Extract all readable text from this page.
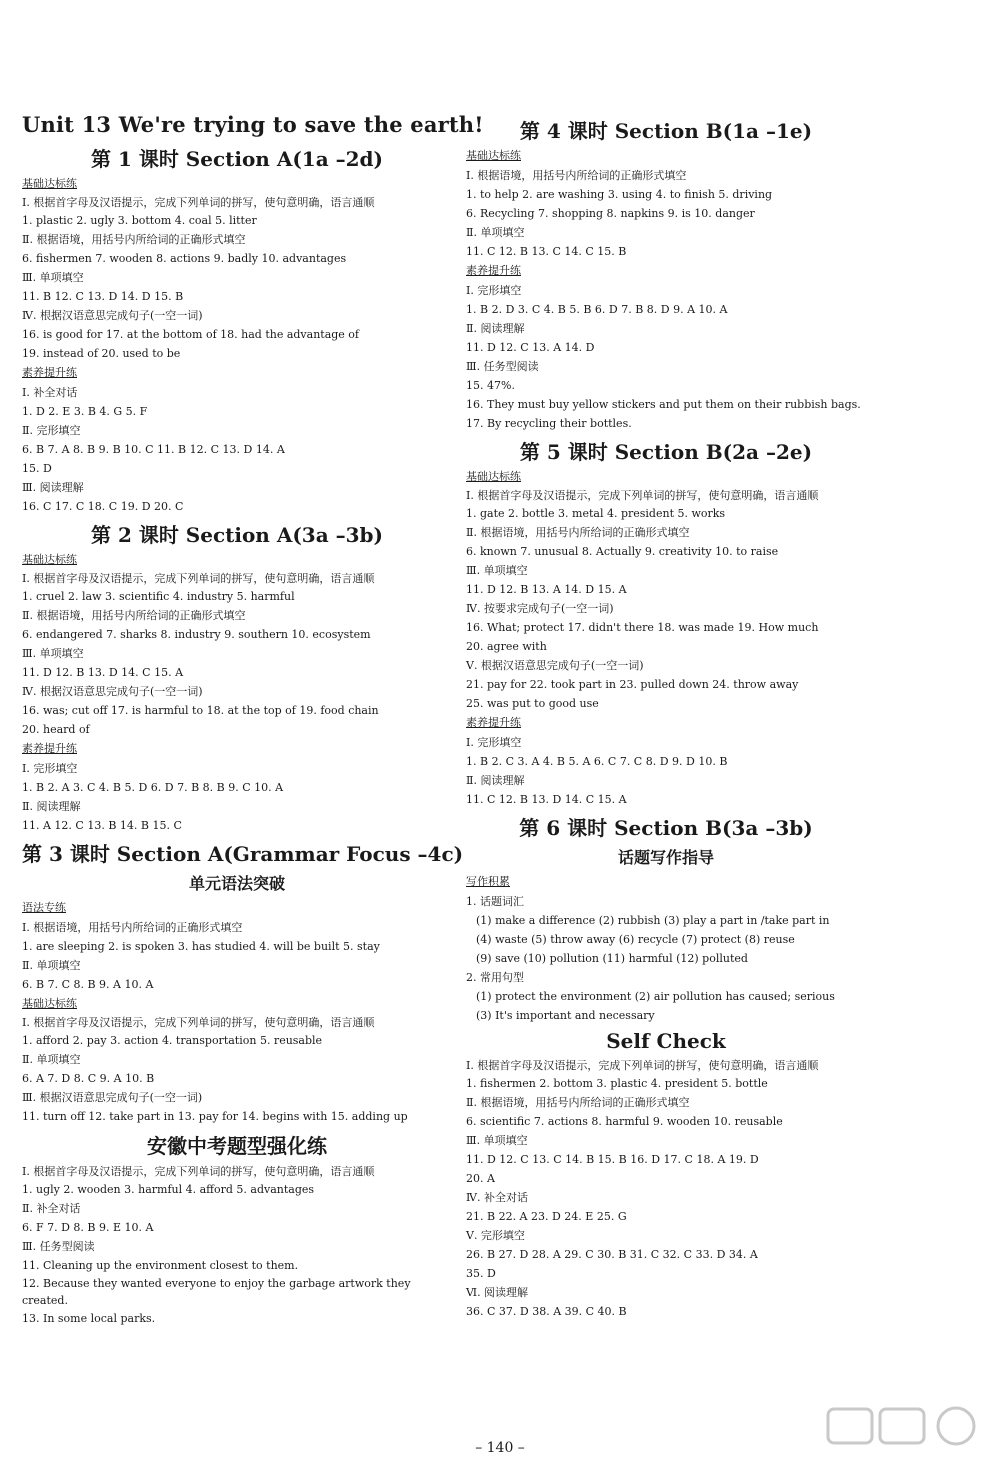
Unit 13 We're trying to save the earth!
第 1 课时 Section A(1a –2d)
基础达标练
Ⅰ. 根据首字母及汉语提示，完成下列单词的拼写，使句意明确，语言通顺
1. plastic 2. ugly 3. bottom 4. coal 5. litter
Ⅱ. 根据语境，用括号内所给词的正确形式填空
6. fishermen 7. wooden 8. actions 9. badly 10. advantages
Ⅲ. 单项填空
11. B 12. C 13. D 14. D 15. B
Ⅳ. 根据汉语意思完成句子(一空一词)
16. is good for 17. at the bottom of 18. had the advantage of
19. instead of 20. used to be
素养提升练
Ⅰ. 补全对话
1. D 2. E 3. B 4. G 5. F
Ⅱ. 完形填空
6. B 7. A 8. B 9. B 10. C 11. B 12. C 13. D 14. A
15. D
Ⅲ. 阅读理解
16. C 17. C 18. C 19. D 20. C
第 2 课时 Section A(3a –3b)
基础达标练
Ⅰ. 根据首字母及汉语提示，完成下列单词的拼写，使句意明确，语言通顺
1. cruel 2. law 3. scientific 4. industry 5. harmful
Ⅱ. 根据语境，用括号内所给词的正确形式填空
6. endangered 7. sharks 8. industry 9. southern 10. ecosystem
Ⅲ. 单项填空
11. D 12. B 13. D 14. C 15. A
Ⅳ. 根据汉语意思完成句子(一空一词)
16. was; cut off 17. is harmful to 18. at the top of 19. food chain
20. heard of
素养提升练
Ⅰ. 完形填空
1. B 2. A 3. C 4. B 5. D 6. D 7. B 8. B 9. C 10. A
Ⅱ. 阅读理解
11. A 12. C 13. B 14. B 15. C
第 3 课时 Section A(Grammar Focus –4c)
单元语法突破
语法专练
Ⅰ. 根据语境，用括号内所给词的正确形式填空
1. are sleeping 2. is spoken 3. has studied 4. will be built 5. stay
Ⅱ. 单项填空
6. B 7. C 8. B 9. A 10. A
基础达标练
Ⅰ. 根据首字母及汉语提示，完成下列单词的拼写，使句意明确，语言通顺
1. afford 2. pay 3. action 4. transportation 5. reusable
Ⅱ. 单项填空
6. A 7. D 8. C 9. A 10. B
Ⅲ. 根据汉语意思完成句子(一空一词)
11. turn off 12. take part in 13. pay for 14. begins with 15. adding up
安徽中考题型强化练
Ⅰ. 根据首字母及汉语提示，完成下列单词的拼写，使句意明确，语言通顺
1. ugly 2. wooden 3. harmful 4. afford 5. advantages
Ⅱ. 补全对话
6. F 7. D 8. B 9. E 10. A
Ⅲ. 任务型阅读
11. Cleaning up the environment closest to them.
12. Because they wanted everyone to enjoy the garbage artwork they created.
13. In some local parks.
第 4 课时 Section B(1a –1e)
基础达标练
Ⅰ. 根据语境，用括号内所给词的正确形式填空
1. to help 2. are washing 3. using 4. to finish 5. driving
6. Recycling 7. shopping 8. napkins 9. is 10. danger
Ⅱ. 单项填空
11. C 12. B 13. C 14. C 15. B
素养提升练
Ⅰ. 完形填空
1. B 2. D 3. C 4. B 5. B 6. D 7. B 8. D 9. A 10. A
Ⅱ. 阅读理解
11. D 12. C 13. A 14. D
Ⅲ. 任务型阅读
15. 47%.
16. They must buy yellow stickers and put them on their rubbish bags.
17. By recycling their bottles.
第 5 课时 Section B(2a –2e)
基础达标练
Ⅰ. 根据首字母及汉语提示，完成下列单词的拼写，使句意明确，语言通顺
1. gate 2. bottle 3. metal 4. president 5. works
Ⅱ. 根据语境，用括号内所给词的正确形式填空
6. known 7. unusual 8. Actually 9. creativity 10. to raise
Ⅲ. 单项填空
11. D 12. B 13. A 14. D 15. A
Ⅳ. 按要求完成句子(一空一词)
16. What; protect 17. didn't there 18. was made 19. How much
20. agree with
Ⅴ. 根据汉语意思完成句子(一空一词)
21. pay for 22. took part in 23. pulled down 24. throw away
25. was put to good use
素养提升练
Ⅰ. 完形填空
1. B 2. C 3. A 4. B 5. A 6. C 7. C 8. D 9. D 10. B
Ⅱ. 阅读理解
11. C 12. B 13. D 14. C 15. A
第 6 课时 Section B(3a –3b)
话题写作指导
写作积累
1. 话题词汇
(1) make a difference (2) rubbish (3) play a part in /take part in
(4) waste (5) throw away (6) recycle (7) protect (8) reuse
(9) save (10) pollution (11) harmful (12) polluted
2. 常用句型
(1) protect the environment (2) air pollution has caused; serious
(3) It's important and necessary
Self Check
Ⅰ. 根据首字母及汉语提示，完成下列单词的拼写，使句意明确，语言通顺
1. fishermen 2. bottom 3. plastic 4. president 5. bottle
Ⅱ. 根据语境，用括号内所给词的正确形式填空
6. scientific 7. actions 8. harmful 9. wooden 10. reusable
Ⅲ. 单项填空
11. D 12. C 13. C 14. B 15. B 16. D 17. C 18. A 19. D
20. A
Ⅳ. 补全对话
21. B 22. A 23. D 24. E 25. G
Ⅴ. 完形填空
26. B 27. D 28. A 29. C 30. B 31. C 32. C 33. D 34. A
35. D
Ⅵ. 阅读理解
36. C 37. D 38. A 39. C 40. B
– 140 –
